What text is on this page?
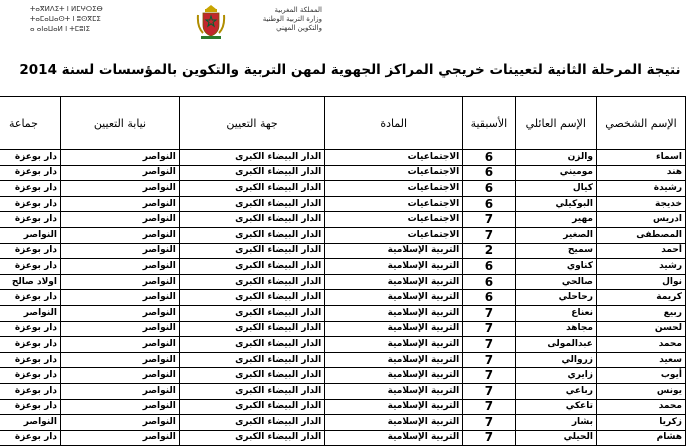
ⵜⴰⴳⵍⴷⵉⵜ ⵏ ⵍⵎⵖⵔⵉⴱ
ⵜⴰⵎⴰⵡⴰⵙⵜ ⵏ ⵓⵙⴳⵎⵉ
ⴰ ⴰⵏⴰⵡⴰⵍ ⵏ ⵜⵎⵓⵏⵉ
المملكة المغربية
وزارة التربية الوطنية
والتكوين المهني
نتيجة المرحلة الثانية لتعيينات خريجي المراكز الجهوية لمهن التربية والتكوين بالمؤسسات لسنة 2014
الإسم الشخصي	الإسم العائلي	الأسبقية	المادة	جهة التعيين	نيابة التعيين	جماعة
اسماء	والزن	6	الاجتماعيات	الدار البيضاء الكبرى	النواصر	دار بوعزة
هند	موميني	6	الاجتماعيات	الدار البيضاء الكبرى	النواصر	دار بوعزة
رشيدة	كيال	6	الاجتماعيات	الدار البيضاء الكبرى	النواصر	دار بوعزة
خديجة	البوكيلي	6	الاجتماعيات	الدار البيضاء الكبرى	النواصر	دار بوعزة
ادريس	مهير	7	الاجتماعيات	الدار البيضاء الكبرى	النواصر	دار بوعزة
المصطفى	الصغير	7	الاجتماعيات	الدار البيضاء الكبرى	النواصر	النواصر
أحمد	سميح	2	التربية الإسلامية	الدار البيضاء الكبرى	النواصر	دار بوعزة
رشيد	كناوي	6	التربية الإسلامية	الدار البيضاء الكبرى	النواصر	دار بوعزة
نوال	صالحي	6	التربية الإسلامية	الدار البيضاء الكبرى	النواصر	اولاد صالح
كريمة	رحاحلي	6	التربية الإسلامية	الدار البيضاء الكبرى	النواصر	دار بوعزة
ربيع	نعناع	7	التربية الإسلامية	الدار البيضاء الكبرى	النواصر	النواصر
لحسن	مجاهد	7	التربية الإسلامية	الدار البيضاء الكبرى	النواصر	دار بوعزة
محمد	عبدالمولى	7	التربية الإسلامية	الدار البيضاء الكبرى	النواصر	دار بوعزة
سعيد	زروالي	7	التربية الإسلامية	الدار البيضاء الكبرى	النواصر	دار بوعزة
أيوب	زايري	7	التربية الإسلامية	الدار البيضاء الكبرى	النواصر	دار بوعزة
يونس	رباعي	7	التربية الإسلامية	الدار البيضاء الكبرى	النواصر	دار بوعزة
محمد	تاعكي	7	التربية الإسلامية	الدار البيضاء الكبرى	النواصر	دار بوعزة
زكريا	بشار	7	التربية الإسلامية	الدار البيضاء الكبرى	النواصر	النواصر
هشام	الحيلي	7	التربية الإسلامية	الدار البيضاء الكبرى	النواصر	دار بوعزة
